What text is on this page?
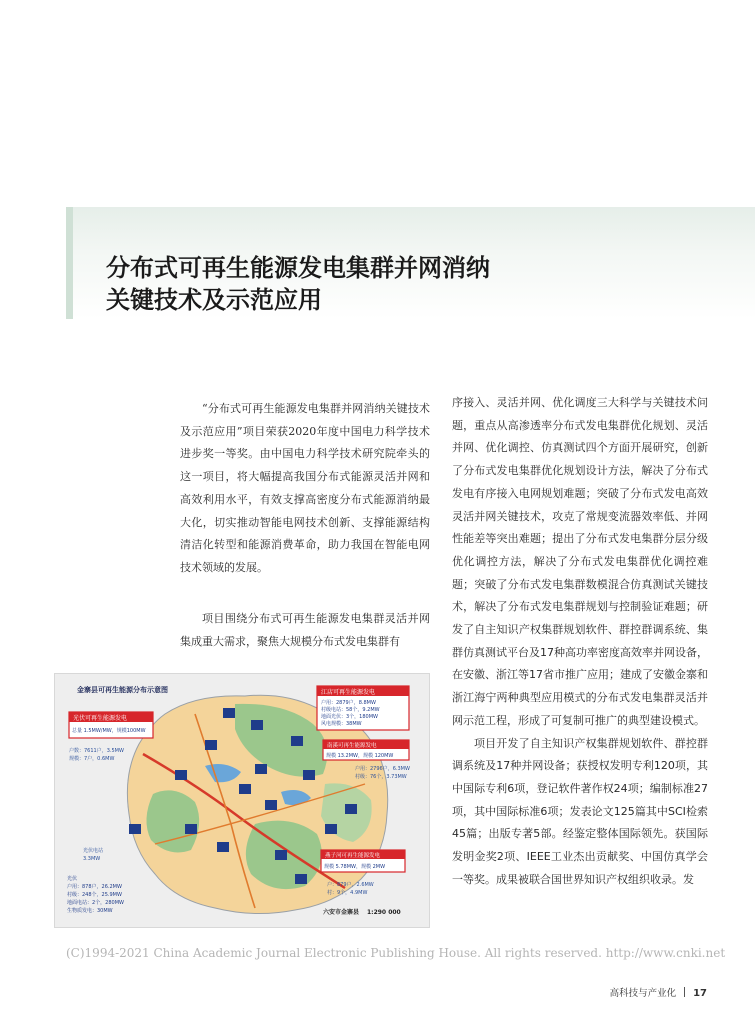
分布式可再生能源发电集群并网消纳
关键技术及示范应用

“分布式可再生能源发电集群并网消纳关键技术及示范应用”项目荣获2020年度中国电力科学技术进步奖一等奖。由中国电力科学技术研究院牵头的这一项目，将大幅提高我国分布式能源灵活并网和高效利用水平，有效支撑高密度分布式能源消纳最大化，切实推动智能电网技术创新、支撑能源结构清洁化转型和能源消费革命，助力我国在智能电网技术领域的发展。

项目围绕分布式可再生能源发电集群灵活并网集成重大需求，聚焦大规模分布式发电集群有

序接入、灵活并网、优化调度三大科学与关键技术问题，重点从高渗透率分布式发电集群优化规划、灵活并网、优化调控、仿真测试四个方面开展研究，创新了分布式发电集群优化规划设计方法，解决了分布式发电有序接入电网规划难题；突破了分布式发电高效灵活并网关键技术，攻克了常规变流器效率低、并网性能差等突出难题；提出了分布式发电集群分层分级优化调控方法，解决了分布式发电集群优化调控难题；突破了分布式发电集群数模混合仿真测试关键技术，解决了分布式发电集群规划与控制验证难题；研发了自主知识产权集群规划软件、群控群调系统、集群仿真测试平台及17种高功率密度高效率并网设备，在安徽、浙江等17省市推广应用；建成了安徽金寨和浙江海宁两种典型应用模式的分布式发电集群灵活并网示范工程，形成了可复制可推广的典型建设模式。

项目开发了自主知识产权集群规划软件、群控群调系统及17种并网设备；获授权发明专利120项，其中国际专利6项，登记软件著作权24项；编制标准27项，其中国际标准6项；发表论文125篇其中SCI检索45篇；出版专著5部。经鉴定整体国际领先。获国际发明金奖2项、IEEE工业杰出贡献奖、中国仿真学会一等奖。成果被联合国世界知识产权组织收录。发

金寨县可再生能源分布示意图
光伏可再生能源发电
总量 1.5MW/MW，规模100MW
户数：7611户，3.5MW
规模：7户，0.6MW
江店可再生能源发电
户用：2879户，8.8MW
村级电站：58个，9.2MW
地面光伏：3个，180MW
风电规模：38MW
南溪可再生能源发电
规模 13.2MW，规模 120MW
户用：2796户，6.3MW
村级：76个，3.73MW
燕子河可再生能源发电
规模 5.78MW，规模 2MW
户：879户，2.6MW
村：9个，4.9MW
光伏电站
3.3MW
光伏
户用：878户，26.2MW
村级：248个，25.9MW
地面电站：2个，280MW
生物质发电：30MW	六安市金寨县 1:290 000
(C)1994-2021 China Academic Journal Electronic Publishing House. All rights reserved. http://www.cnki.net
高科技与产业化 17
